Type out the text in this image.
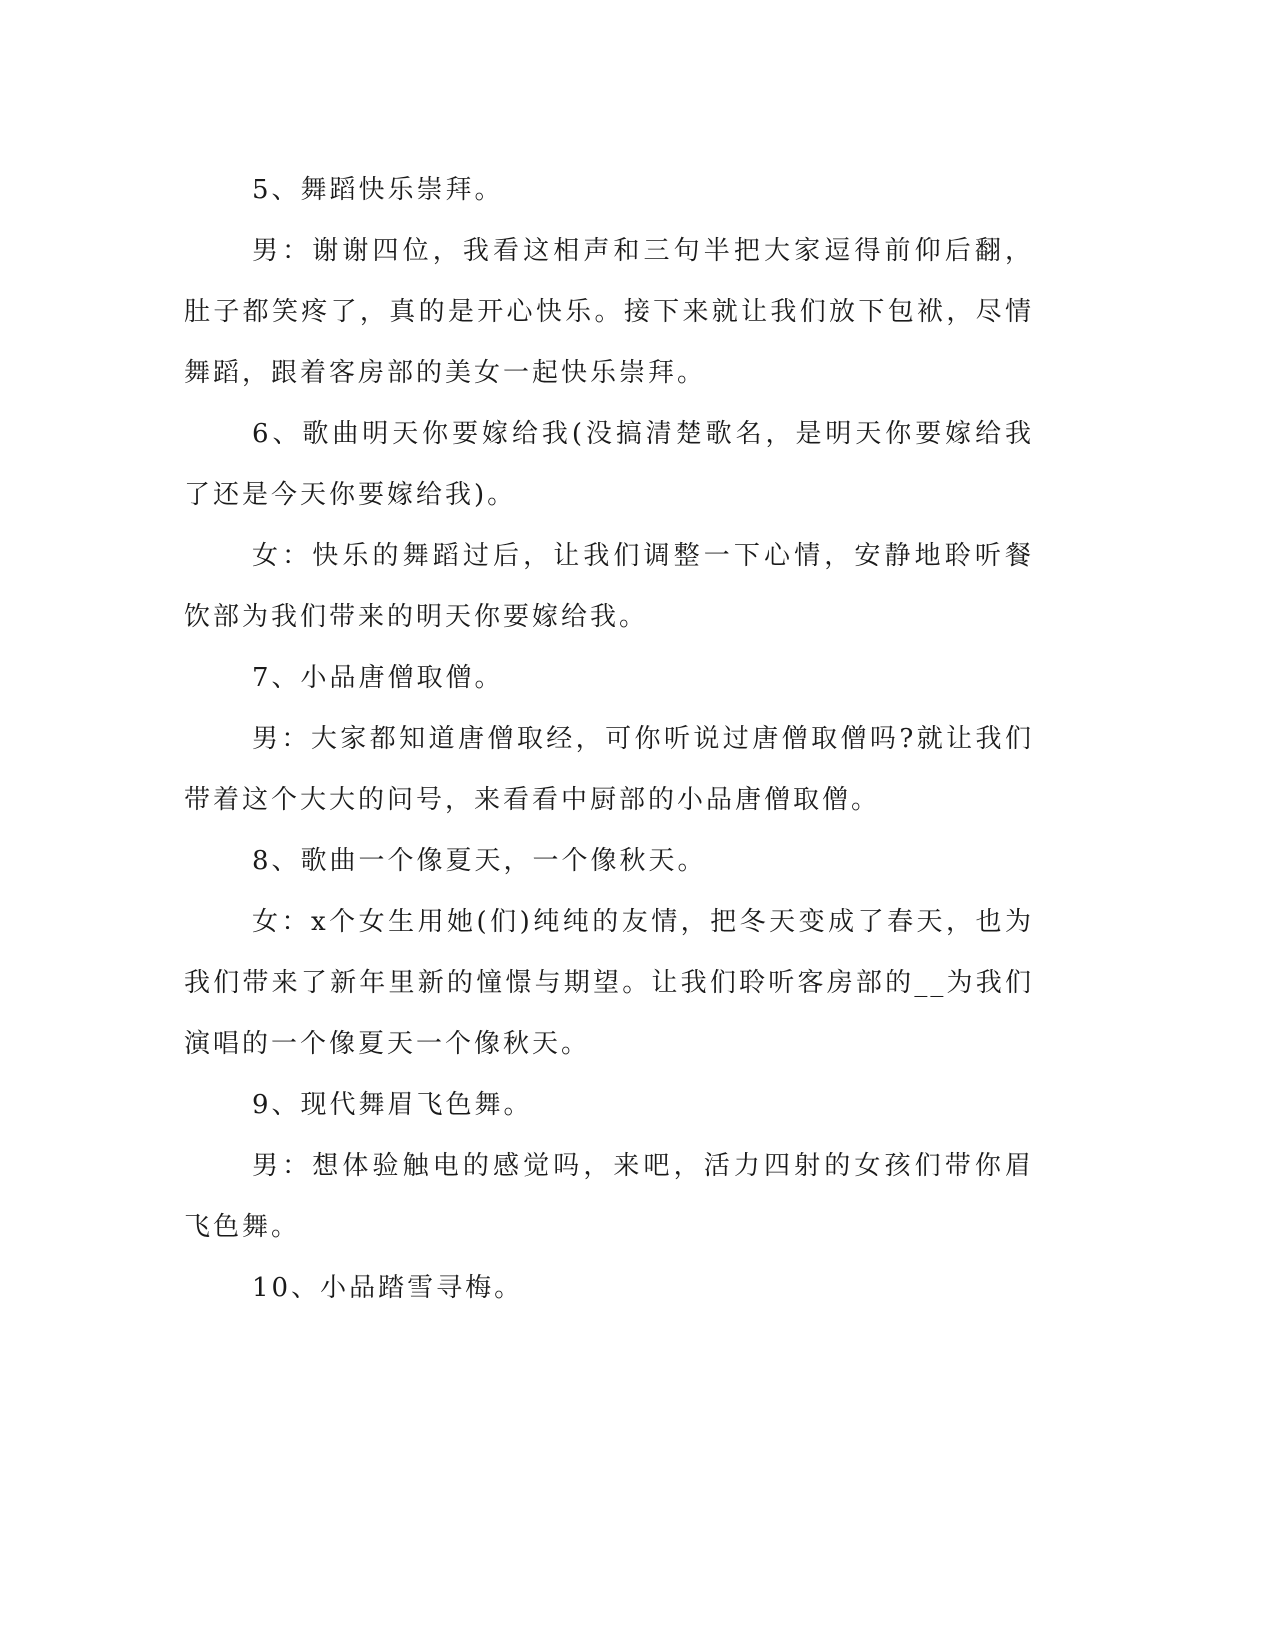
5、舞蹈快乐崇拜。

男：谢谢四位，我看这相声和三句半把大家逗得前仰后翻，肚子都笑疼了，真的是开心快乐。接下来就让我们放下包袱，尽情舞蹈，跟着客房部的美女一起快乐崇拜。

6、歌曲明天你要嫁给我(没搞清楚歌名，是明天你要嫁给我了还是今天你要嫁给我)。

女：快乐的舞蹈过后，让我们调整一下心情，安静地聆听餐饮部为我们带来的明天你要嫁给我。

7、小品唐僧取僧。

男：大家都知道唐僧取经，可你听说过唐僧取僧吗?就让我们带着这个大大的问号，来看看中厨部的小品唐僧取僧。

8、歌曲一个像夏天，一个像秋天。

女：x个女生用她(们)纯纯的友情，把冬天变成了春天，也为我们带来了新年里新的憧憬与期望。让我们聆听客房部的__为我们演唱的一个像夏天一个像秋天。

9、现代舞眉飞色舞。

男：想体验触电的感觉吗，来吧，活力四射的女孩们带你眉飞色舞。

10、小品踏雪寻梅。
